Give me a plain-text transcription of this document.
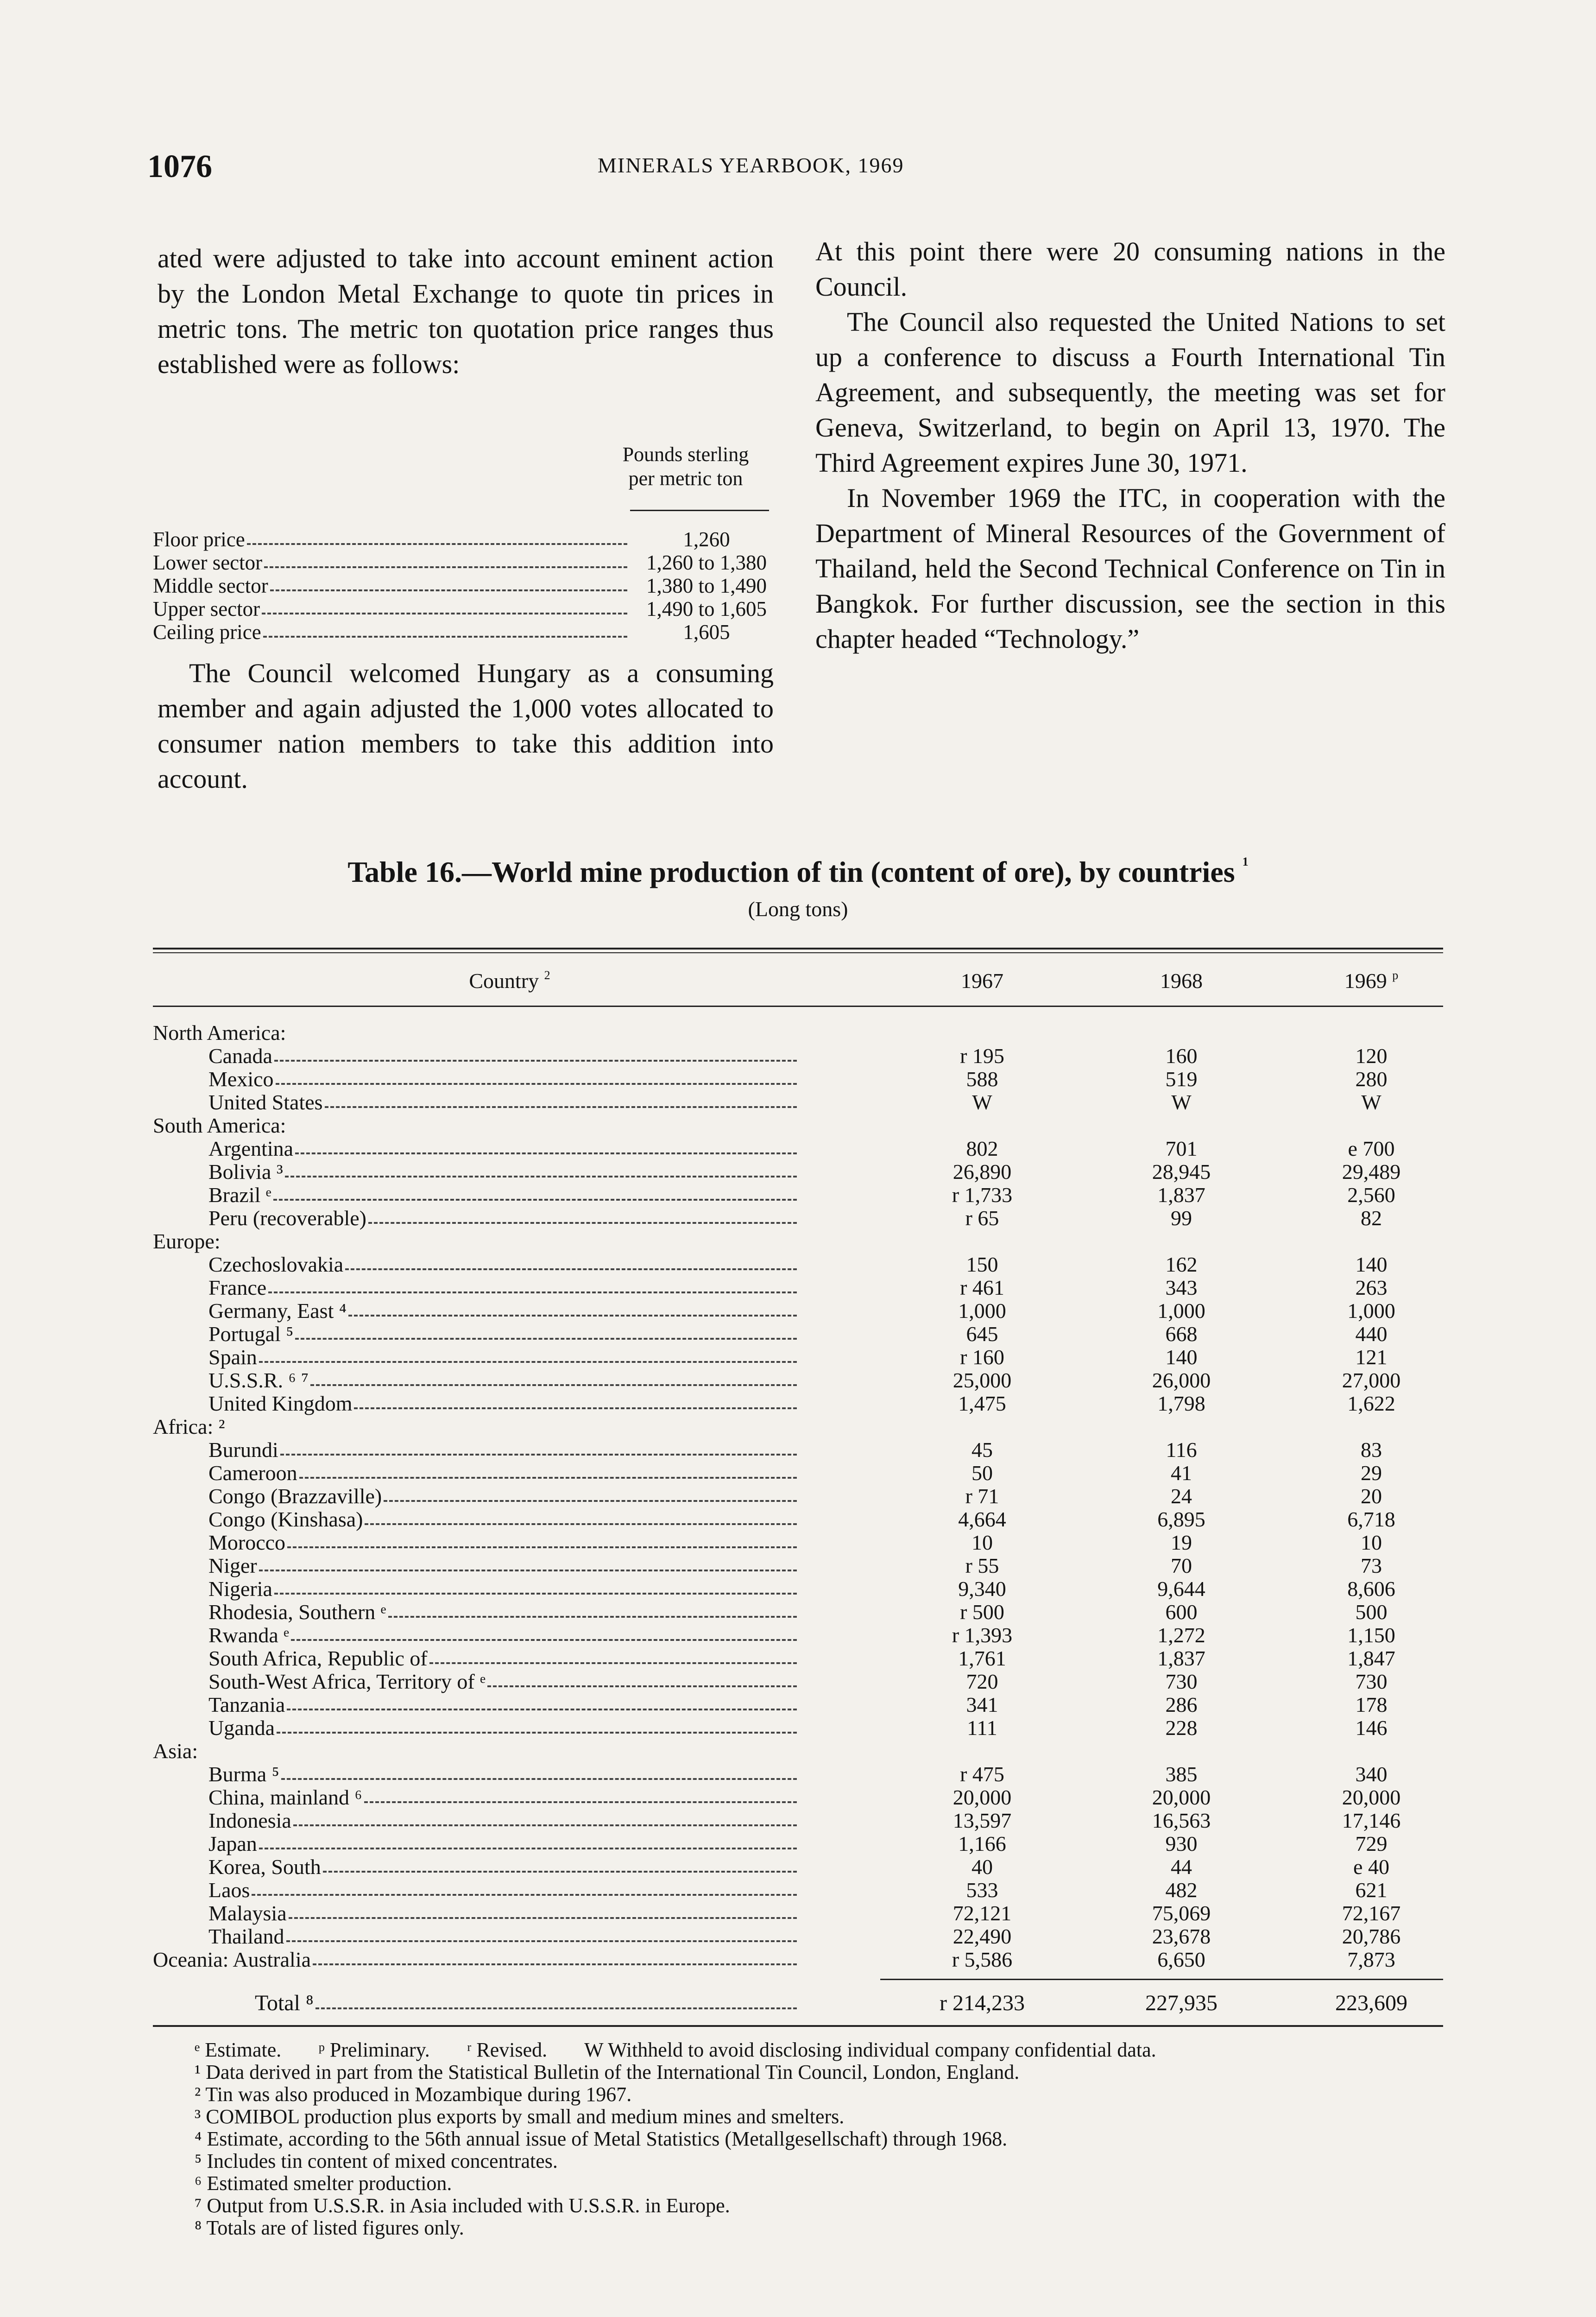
1076	MINERALS YEARBOOK, 1969

ated were adjusted to take into account eminent action by the London Metal Exchange to quote tin prices in metric tons. The metric ton quotation price ranges thus established were as follows:

Pounds sterling
per metric ton
Floor price	1,260
Lower sector	1,260 to 1,380
Middle sector	1,380 to 1,490
Upper sector	1,490 to 1,605
Ceiling price	1,605

The Council welcomed Hungary as a consuming member and again adjusted the 1,000 votes allocated to consumer nation members to take this addition into account.

At this point there were 20 consuming nations in the Council.

The Council also requested the United Nations to set up a conference to discuss a Fourth International Tin Agreement, and subsequently, the meeting was set for Geneva, Switzerland, to begin on April 13, 1970. The Third Agreement expires June 30, 1971.

In November 1969 the ITC, in cooperation with the Department of Mineral Resources of the Government of Thailand, held the Second Technical Conference on Tin in Bangkok. For further discussion, see the section in this chapter headed “Technology.”

Table 16.—World mine production of tin (content of ore), by countries $^1$
(Long tons)
Country $^2$	1967	1968	1969 $^p$
North America:
Canada	r 195	160	120
Mexico	588	519	280
United States	W	W	W
South America:
Argentina	802	701	e 700
Bolivia ³	26,890	28,945	29,489
Brazil ᵉ	r 1,733	1,837	2,560
Peru (recoverable)	r 65	99	82
Europe:
Czechoslovakia	150	162	140
France	r 461	343	263
Germany, East ⁴	1,000	1,000	1,000
Portugal ⁵	645	668	440
Spain	r 160	140	121
U.S.S.R. ⁶ ⁷	25,000	26,000	27,000
United Kingdom	1,475	1,798	1,622
Africa: ²
Burundi	45	116	83
Cameroon	50	41	29
Congo (Brazzaville)	r 71	24	20
Congo (Kinshasa)	4,664	6,895	6,718
Morocco	10	19	10
Niger	r 55	70	73
Nigeria	9,340	9,644	8,606
Rhodesia, Southern ᵉ	r 500	600	500
Rwanda ᵉ	r 1,393	1,272	1,150
South Africa, Republic of	1,761	1,837	1,847
South-West Africa, Territory of ᵉ	720	730	730
Tanzania	341	286	178
Uganda	111	228	146
Asia:
Burma ⁵	r 475	385	340
China, mainland ⁶	20,000	20,000	20,000
Indonesia	13,597	16,563	17,146
Japan	1,166	930	729
Korea, South	40	44	e 40
Laos	533	482	621
Malaysia	72,121	75,069	72,167
Thailand	22,490	23,678	20,786
Oceania: Australia	r 5,586	6,650	7,873
Total ⁸	r 214,233	227,935	223,609
ᵉ Estimate. ᵖ Preliminary. ʳ Revised. W Withheld to avoid disclosing individual company confidential data.
¹ Data derived in part from the Statistical Bulletin of the International Tin Council, London, England.
² Tin was also produced in Mozambique during 1967.
³ COMIBOL production plus exports by small and medium mines and smelters.
⁴ Estimate, according to the 56th annual issue of Metal Statistics (Metallgesellschaft) through 1968.
⁵ Includes tin content of mixed concentrates.
⁶ Estimated smelter production.
⁷ Output from U.S.S.R. in Asia included with U.S.S.R. in Europe.
⁸ Totals are of listed figures only.
